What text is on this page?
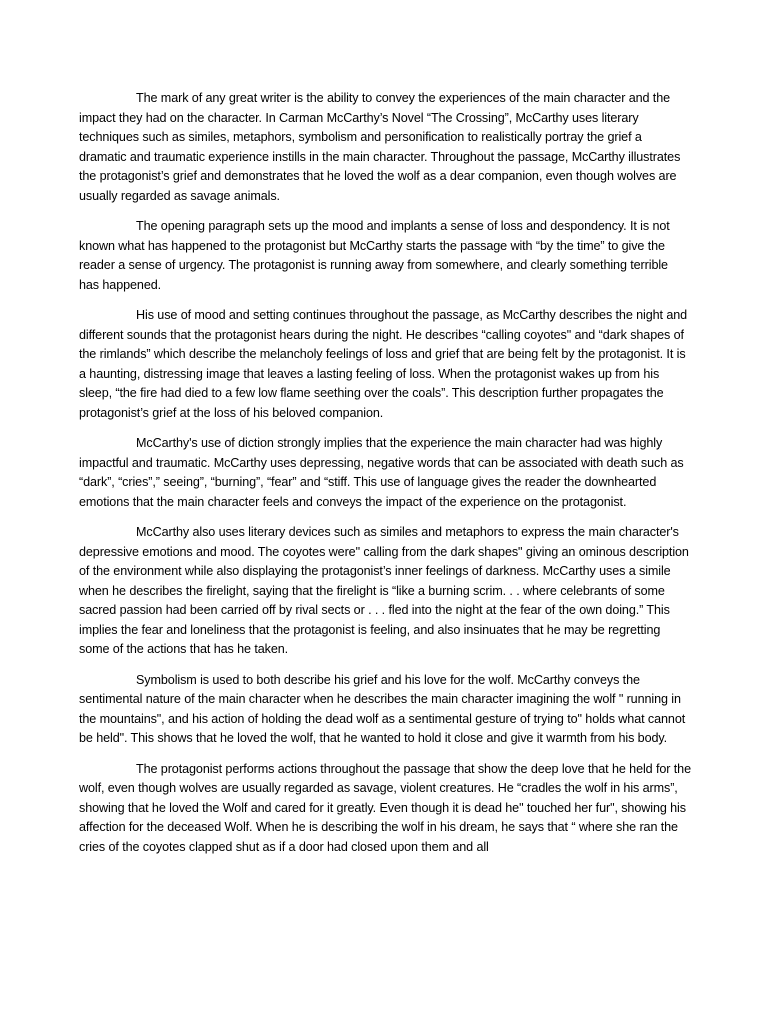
The mark of any great writer is the ability to convey the experiences of the main character and the impact they had on the character. In Carman McCarthy’s Novel “The Crossing”, McCarthy uses literary techniques such as similes, metaphors, symbolism and personification to realistically portray the grief a dramatic and traumatic experience instills in the main character. Throughout the passage, McCarthy illustrates the protagonist’s grief and demonstrates that he loved the wolf as a dear companion, even though wolves are usually regarded as savage animals.

The opening paragraph sets up the mood and implants a sense of loss and despondency. It is not known what has happened to the protagonist but McCarthy starts the passage with “by the time” to give the reader a sense of urgency. The protagonist is running away from somewhere, and clearly something terrible has happened.

His use of mood and setting continues throughout the passage, as McCarthy describes the night and different sounds that the protagonist hears during the night. He describes “calling coyotes" and “dark shapes of the rimlands” which describe the melancholy feelings of loss and grief that are being felt by the protagonist. It is a haunting, distressing image that leaves a lasting feeling of loss. When the protagonist wakes up from his sleep, “the fire had died to a few low flame seething over the coals”. This description further propagates the protagonist’s grief at the loss of his beloved companion.

McCarthy's use of diction strongly implies that the experience the main character had was highly impactful and traumatic. McCarthy uses depressing, negative words that can be associated with death such as “dark”, “cries”,” seeing”, “burning”, “fear” and “stiff. This use of language gives the reader the downhearted emotions that the main character feels and conveys the impact of the experience on the protagonist.

McCarthy also uses literary devices such as similes and metaphors to express the main character's depressive emotions and mood. The coyotes were" calling from the dark shapes" giving an ominous description of the environment while also displaying the protagonist’s inner feelings of darkness. McCarthy uses a simile when he describes the firelight, saying that the firelight is “like a burning scrim. . . where celebrants of some sacred passion had been carried off by rival sects or . . . fled into the night at the fear of the own doing.” This implies the fear and loneliness that the protagonist is feeling, and also insinuates that he may be regretting some of the actions that has he taken.

Symbolism is used to both describe his grief and his love for the wolf. McCarthy conveys the sentimental nature of the main character when he describes the main character imagining the wolf " running in the mountains", and his action of holding the dead wolf as a sentimental gesture of trying to" holds what cannot be held". This shows that he loved the wolf, that he wanted to hold it close and give it warmth from his body.

The protagonist performs actions throughout the passage that show the deep love that he held for the wolf, even though wolves are usually regarded as savage, violent creatures. He “cradles the wolf in his arms”, showing that he loved the Wolf and cared for it greatly. Even though it is dead he" touched her fur", showing his affection for the deceased Wolf. When he is describing the wolf in his dream, he says that “ where she ran the cries of the coyotes clapped shut as if a door had closed upon them and all
